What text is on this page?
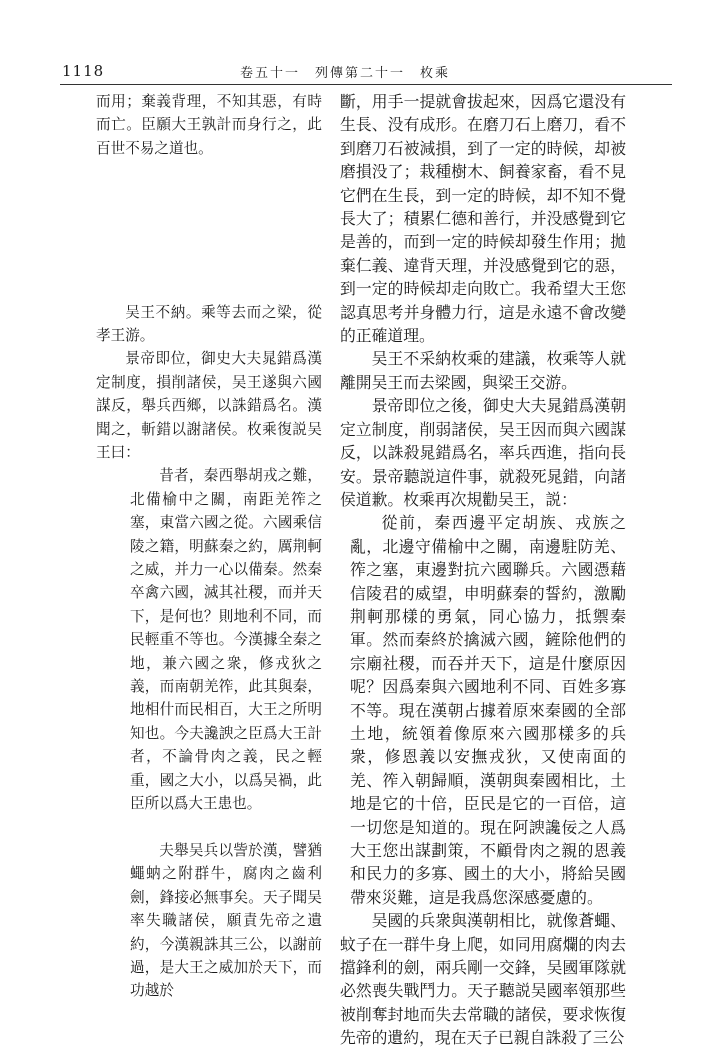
1118	卷五十一　列傳第二十一　枚乘

而用；棄義背理，不知其惡，有時而亡。臣願大王孰計而身行之，此百世不易之道也。

吴王不納。乘等去而之梁，從孝王游。

景帝即位，御史大夫晁錯爲漢定制度，損削諸侯，吴王遂與六國謀反，舉兵西鄉，以誅錯爲名。漢聞之，斬錯以謝諸侯。枚乘復説吴王曰：

昔者，秦西舉胡戎之難，北備榆中之關，南距羌筰之塞，東當六國之從。六國乘信陵之籍，明蘇秦之約，厲荆軻之威，并力一心以備秦。然秦卒禽六國，滅其社稷，而并天下，是何也？則地利不同，而民輕重不等也。今漢據全秦之地，兼六國之衆，修戎狄之義，而南朝羌筰，此其與秦，地相什而民相百，大王之所明知也。今夫讒諛之臣爲大王計者，不論骨肉之義，民之輕重，國之大小，以爲吴禍，此臣所以爲大王患也。

夫舉吴兵以訾於漢，譬猶蠅蚋之附群牛，腐肉之齒利劍，鋒接必無事矣。天子聞吴率失職諸侯，願責先帝之遺約，今漢親誅其三公，以謝前過，是大王之威加於天下，而功越於

斷，用手一提就會拔起來，因爲它還没有生長、没有成形。在磨刀石上磨刀，看不到磨刀石被減損，到了一定的時候，却被磨損没了；栽種樹木、飼養家畜，看不見它們在生長，到一定的時候，却不知不覺長大了；積累仁德和善行，并没感覺到它是善的，而到一定的時候却發生作用；拋棄仁義、違背天理，并没感覺到它的惡，到一定的時候却走向敗亡。我希望大王您認真思考并身體力行，這是永遠不會改變的正確道理。

吴王不采納枚乘的建議，枚乘等人就離開吴王而去梁國，與梁王交游。

景帝即位之後，御史大夫晁錯爲漢朝定立制度，削弱諸侯，吴王因而與六國謀反，以誅殺晁錯爲名，率兵西進，指向長安。景帝聽説這件事，就殺死晁錯，向諸侯道歉。枚乘再次規勸吴王，説：

從前，秦西邊平定胡族、戎族之亂，北邊守備榆中之關，南邊駐防羌、筰之塞，東邊對抗六國聯兵。六國憑藉信陵君的威望，申明蘇秦的誓約，激勵荆軻那樣的勇氣，同心協力，抵禦秦軍。然而秦終於擒滅六國，鏟除他們的宗廟社稷，而吞并天下，這是什麼原因呢？因爲秦與六國地利不同、百姓多寡不等。現在漢朝占據着原來秦國的全部土地，統領着像原來六國那樣多的兵衆，修恩義以安撫戎狄，又使南面的羌、筰入朝歸順，漢朝與秦國相比，土地是它的十倍，臣民是它的一百倍，這一切您是知道的。現在阿諛讒佞之人爲大王您出謀劃策，不顧骨肉之親的恩義和民力的多寡、國土的大小，將給吴國帶來災難，這是我爲您深感憂慮的。

吴國的兵衆與漢朝相比，就像蒼蠅、蚊子在一群牛身上爬，如同用腐爛的肉去擋鋒利的劍，兩兵剛一交鋒，吴國軍隊就必然喪失戰鬥力。天子聽説吴國率領那些被削奪封地而失去常職的諸侯，要求恢復先帝的遺約，現在天子已親自誅殺了三公
